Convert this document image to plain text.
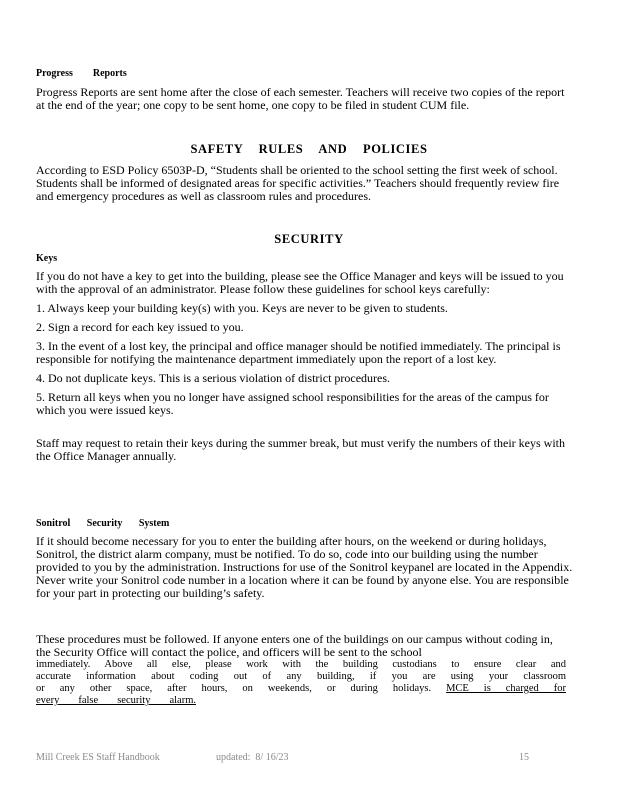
Progress        Reports

Progress Reports are sent home after the close of each semester. Teachers will receive two copies of the report at the end of the year; one copy to be sent home, one copy to be filed in student CUM file.

SAFETY RULES AND POLICIES

According to ESD Policy 6503P-D, “Students shall be oriented to the school setting the first week of school. Students shall be informed of designated areas for specific activities.” Teachers should frequently review fire and emergency procedures as well as classroom rules and procedures.

SECURITY
Keys

If you do not have a key to get into the building, please see the Office Manager and keys will be issued to you with the approval of an administrator. Please follow these guidelines for school keys carefully:

1. Always keep your building key(s) with you. Keys are never to be given to students.

2. Sign a record for each key issued to you.

3. In the event of a lost key, the principal and office manager should be notified immediately. The principal is responsible for notifying the maintenance department immediately upon the report of a lost key.

4. Do not duplicate keys. This is a serious violation of district procedures.

5. Return all keys when you no longer have assigned school responsibilities for the areas of the campus for which you were issued keys.

Staff may request to retain their keys during the summer break, but must verify the numbers of their keys with the Office Manager annually.

Sonitrol Security System

If it should become necessary for you to enter the building after hours, on the weekend or during holidays, Sonitrol, the district alarm company, must be notified. To do so, code into our building using the number provided to you by the administration. Instructions for use of the Sonitrol keypanel are located in the Appendix. Never write your Sonitrol code number in a location where it can be found by anyone else. You are responsible for your part in protecting our building’s safety.

These procedures must be followed. If anyone enters one of the buildings on our campus without coding in, the Security Office will contact the police, and officers will be sent to the school

immediately. Above all else, please work with the building custodians to ensure clear and
accurate information about coding out of any building, if you are using your classroom
or any other space, after hours, on weekends, or during holidays. MCE is charged for
every false security alarm.
Mill Creek ES Staff Handbook	updated:  8/ 16/23	15
